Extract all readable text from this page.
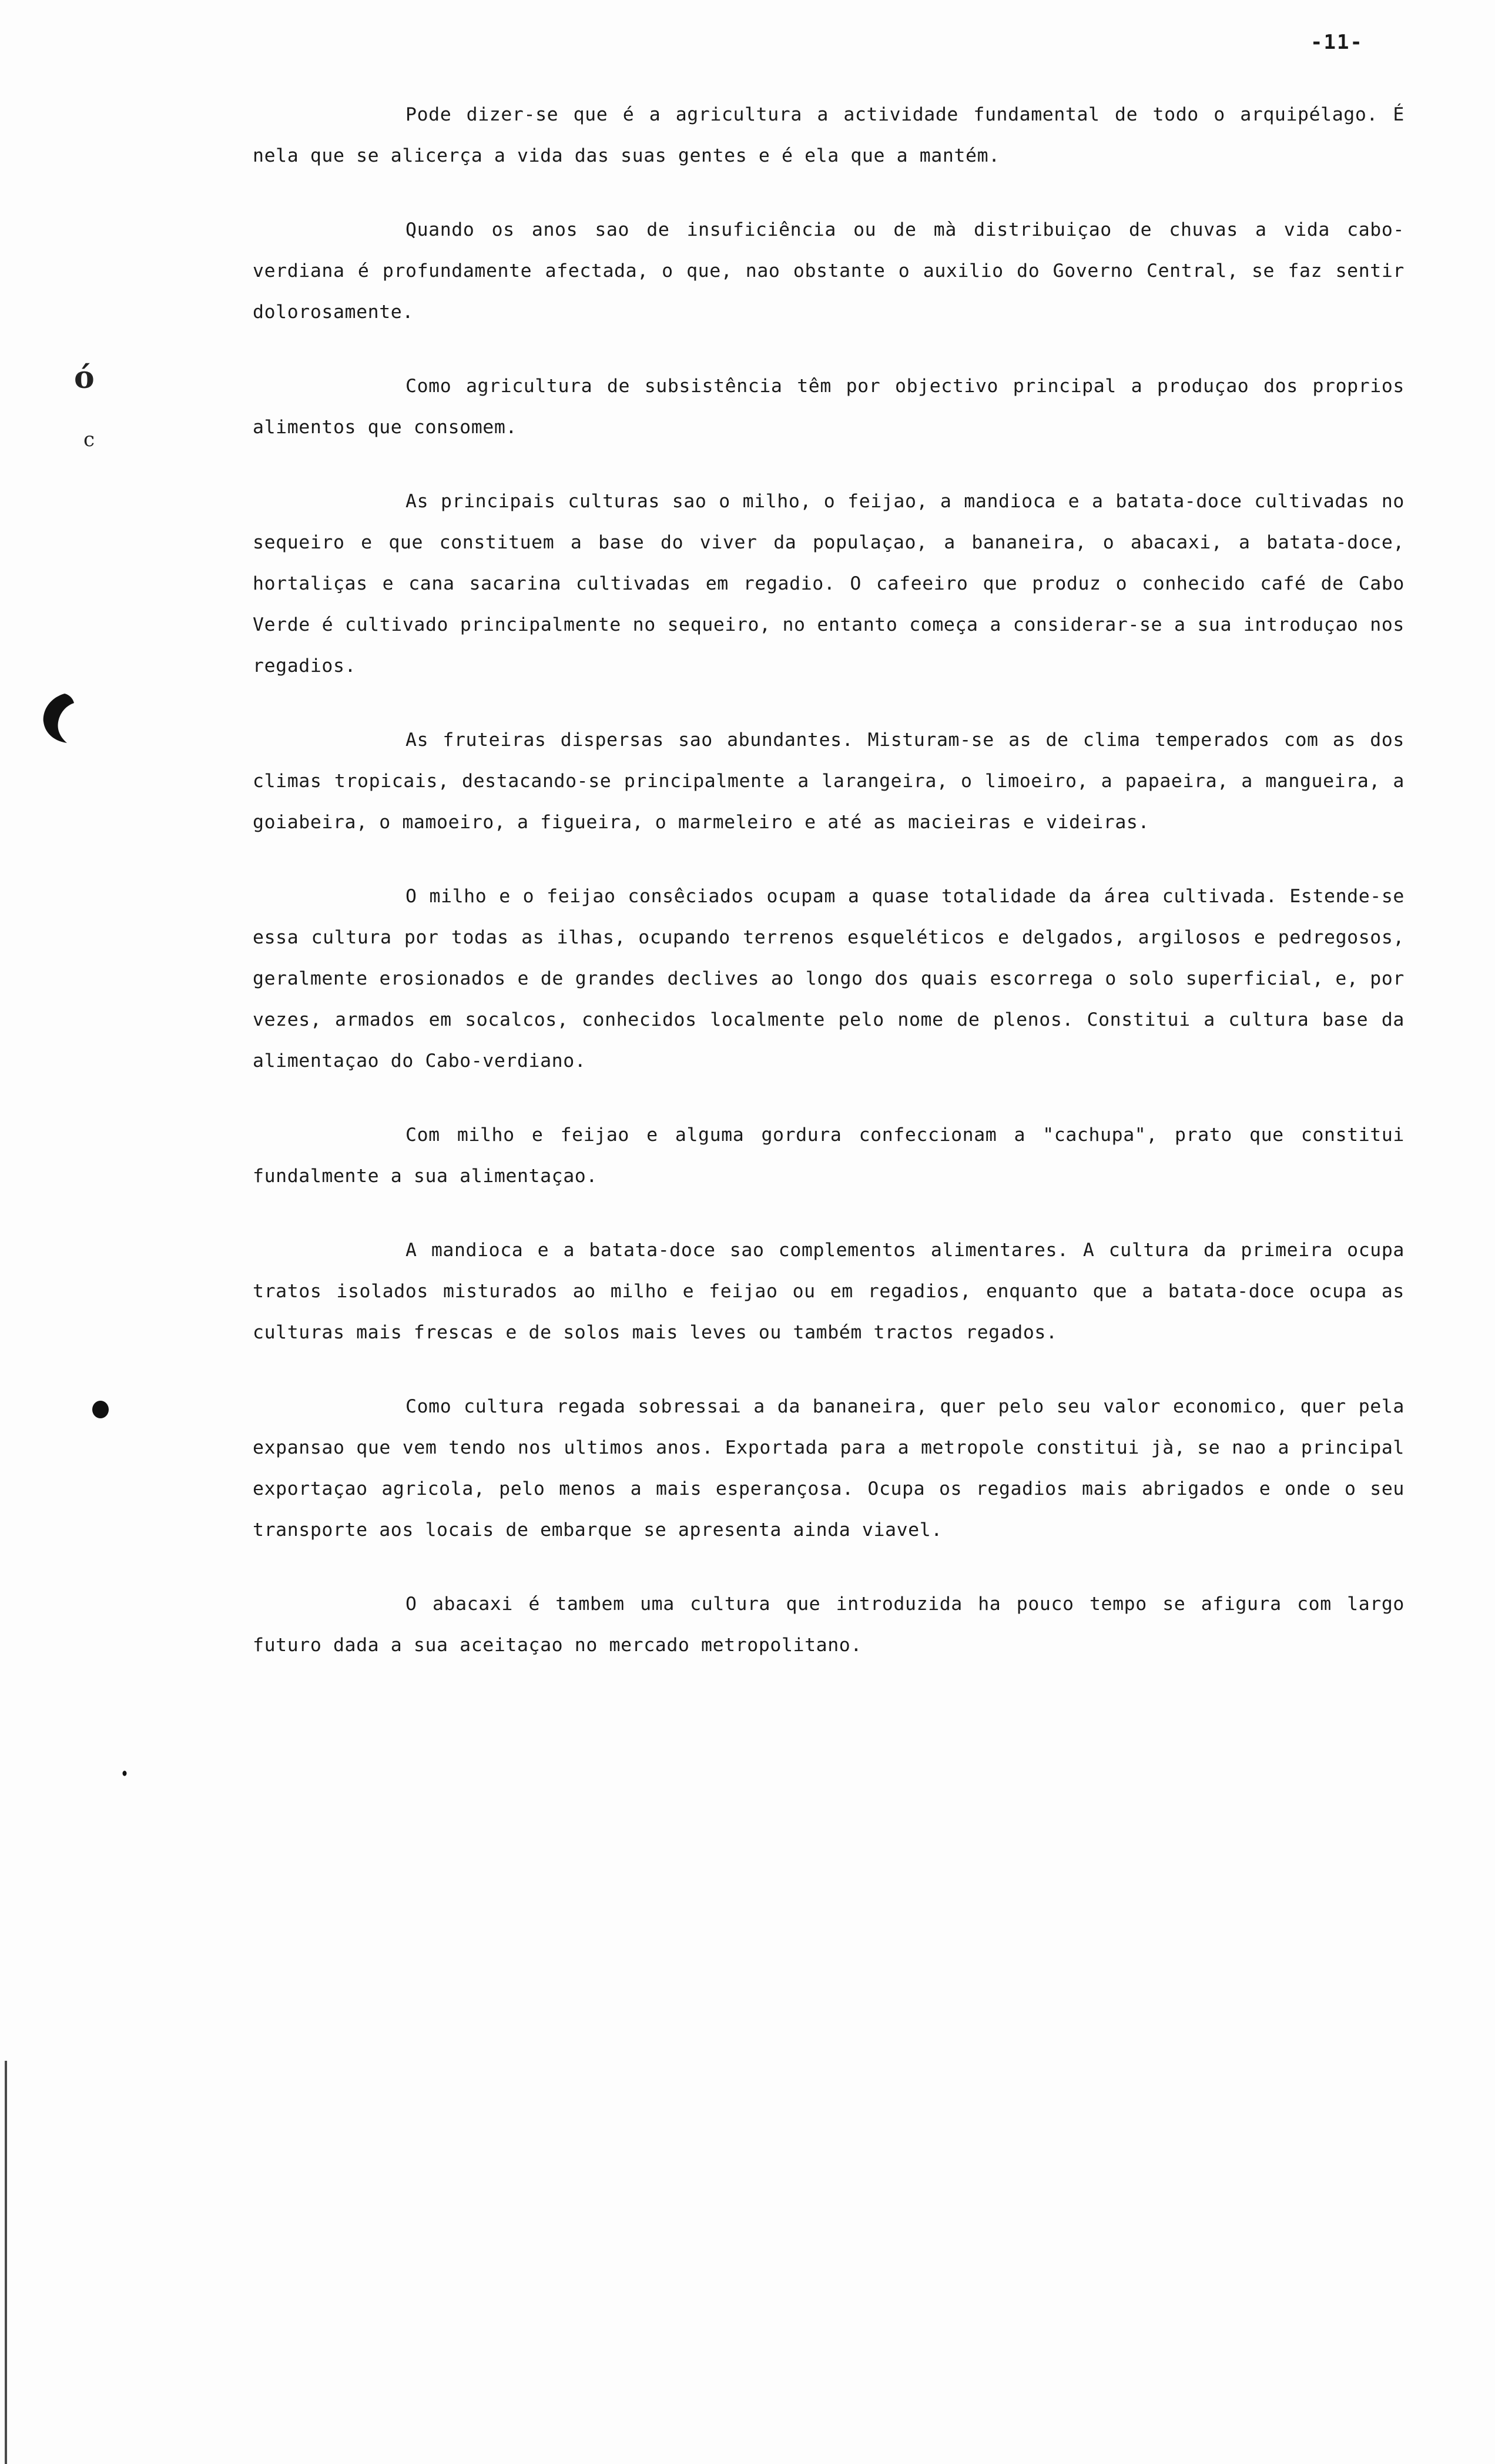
-11-
ó
c

Pode dizer-se que é a agricultura a actividade fundamental de todo o arquipélago. É nela que se alicerça a vida das suas gentes e é ela que a mantém.

Quando os anos sao de insuficiência ou de mà distribuiçao de chuvas a vida cabo-verdiana é profundamente afectada, o que, nao obstante o auxilio do Governo Central, se faz sentir dolorosamente.

Como agricultura de subsistência têm por objectivo principal a produçao dos proprios alimentos que consomem.

As principais culturas sao o milho, o feijao, a mandioca e a batata-doce cultivadas no sequeiro e que constituem a base do viver da populaçao, a bananeira, o abacaxi, a batata-doce, hortaliças e cana sacarina cultivadas em regadio. O cafeeiro que produz o conhecido café de Cabo Verde é cultivado principalmente no sequeiro, no entanto começa a considerar-se a sua introduçao nos regadios.

As fruteiras dispersas sao abundantes. Misturam-se as de clima temperados com as dos climas tropicais, destacando-se principalmente a larangeira, o limoeiro, a papaeira, a mangueira, a goiabeira, o mamoeiro, a figueira, o marmeleiro e até as macieiras e videiras.

O milho e o feijao consêciados ocupam a quase totalidade da área cultivada. Estende-se essa cultura por todas as ilhas, ocupando terrenos esqueléticos e delgados, argilosos e pedregosos, geralmente erosionados e de grandes declives ao longo dos quais escorrega o solo superficial, e, por vezes, armados em socalcos, conhecidos localmente pelo nome de plenos. Constitui a cultura base da alimentaçao do Cabo-verdiano.

Com milho e feijao e alguma gordura confeccionam a "cachupa", prato que constitui fundalmente a sua alimentaçao.

A mandioca e a batata-doce sao complementos alimentares. A cultura da primeira ocupa tratos isolados misturados ao milho e feijao ou em regadios, enquanto que a batata-doce ocupa as culturas mais frescas e de solos mais leves ou também tractos regados.

Como cultura regada sobressai a da bananeira, quer pelo seu valor economico, quer pela expansao que vem tendo nos ultimos anos. Exportada para a metropole constitui jà, se nao a principal exportaçao agricola, pelo menos a mais esperançosa. Ocupa os regadios mais abrigados e onde o seu transporte aos locais de embarque se apresenta ainda viavel.

O abacaxi é tambem uma cultura que introduzida ha pouco tempo se afigura com largo futuro dada a sua aceitaçao no mercado metropolitano.
